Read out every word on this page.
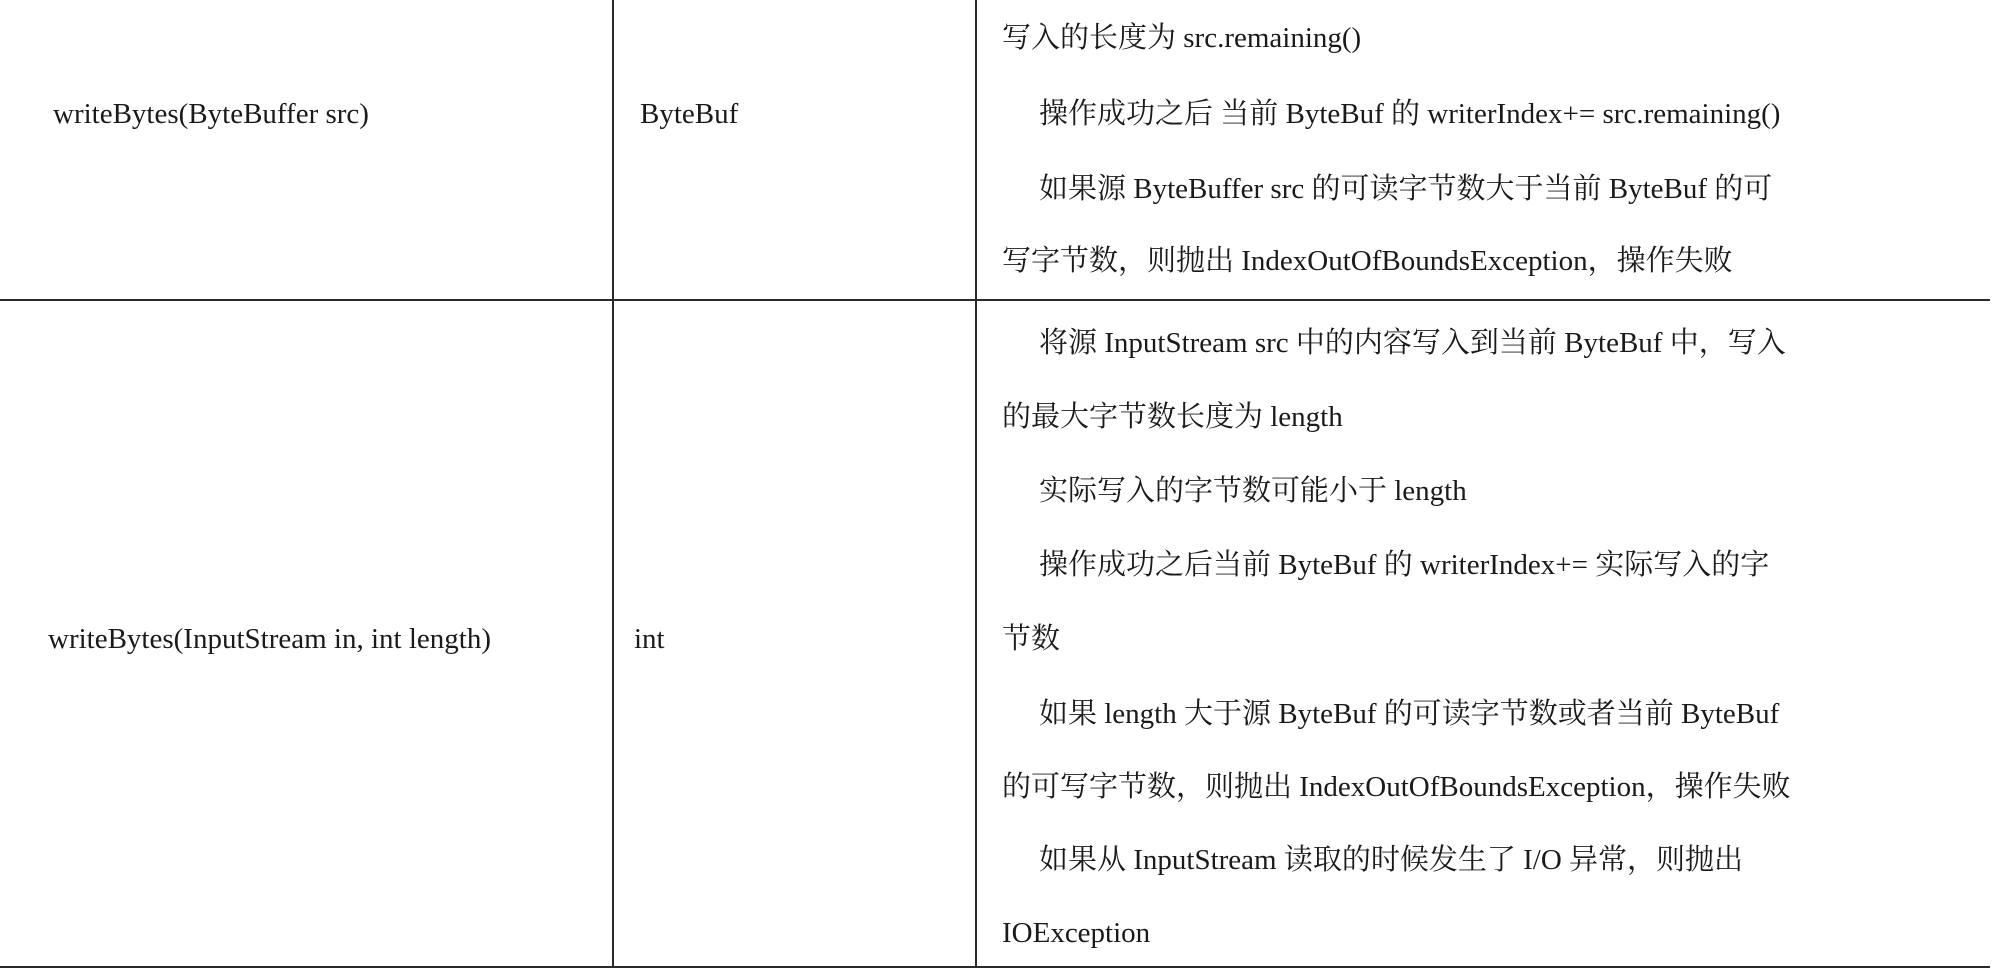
writeBytes(ByteBuffer src)	ByteBuf
写入的长度为 src.remaining()
操作成功之后 当前 ByteBuf 的 writerIndex+= src.remaining()
如果源 ByteBuffer src 的可读字节数大于当前 ByteBuf 的可
写字节数，则抛出 IndexOutOfBoundsException，操作失败
writeBytes(InputStream in, int length)	int
将源 InputStream src 中的内容写入到当前 ByteBuf 中，写入
的最大字节数长度为 length
实际写入的字节数可能小于 length
操作成功之后当前 ByteBuf 的 writerIndex+= 实际写入的字
节数
如果 length 大于源 ByteBuf 的可读字节数或者当前 ByteBuf
的可写字节数，则抛出 IndexOutOfBoundsException，操作失败
如果从 InputStream 读取的时候发生了 I/O 异常，则抛出
IOException
